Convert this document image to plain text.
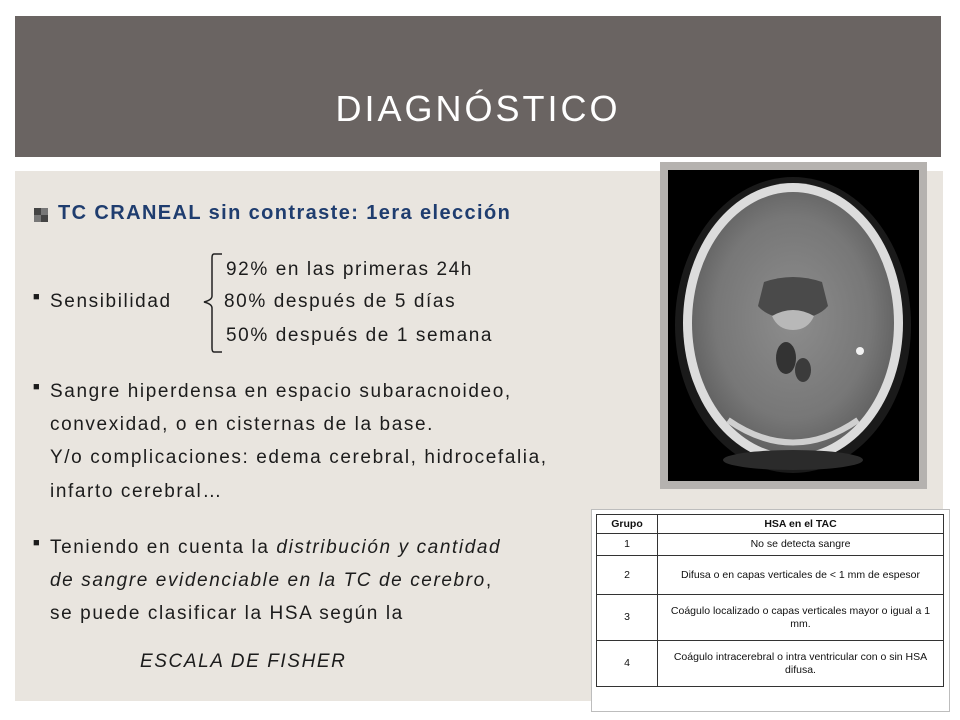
DIAGNÓSTICO
TC CRANEAL sin contraste: 1era elección
92% en las primeras 24h
■ Sensibilidad	80% después de 5 días
50% después de 1 semana
■ Sangre hiperdensa en espacio subaracnoideo,
convexidad, o en cisternas de la base.
Y/o complicaciones: edema cerebral, hidrocefalia,
infarto cerebral…
■ Teniendo en cuenta la distribución y cantidad
de sangre evidenciable en la TC de cerebro,
se puede clasificar la HSA según la
ESCALA DE FISHER
Grupo	HSA en el TAC
1	No se detecta sangre
2	Difusa o en capas verticales de < 1 mm de espesor
3	Coágulo localizado o capas verticales mayor o igual a 1 mm.
4	Coágulo intracerebral o intra ventricular con o sin HSA difusa.
